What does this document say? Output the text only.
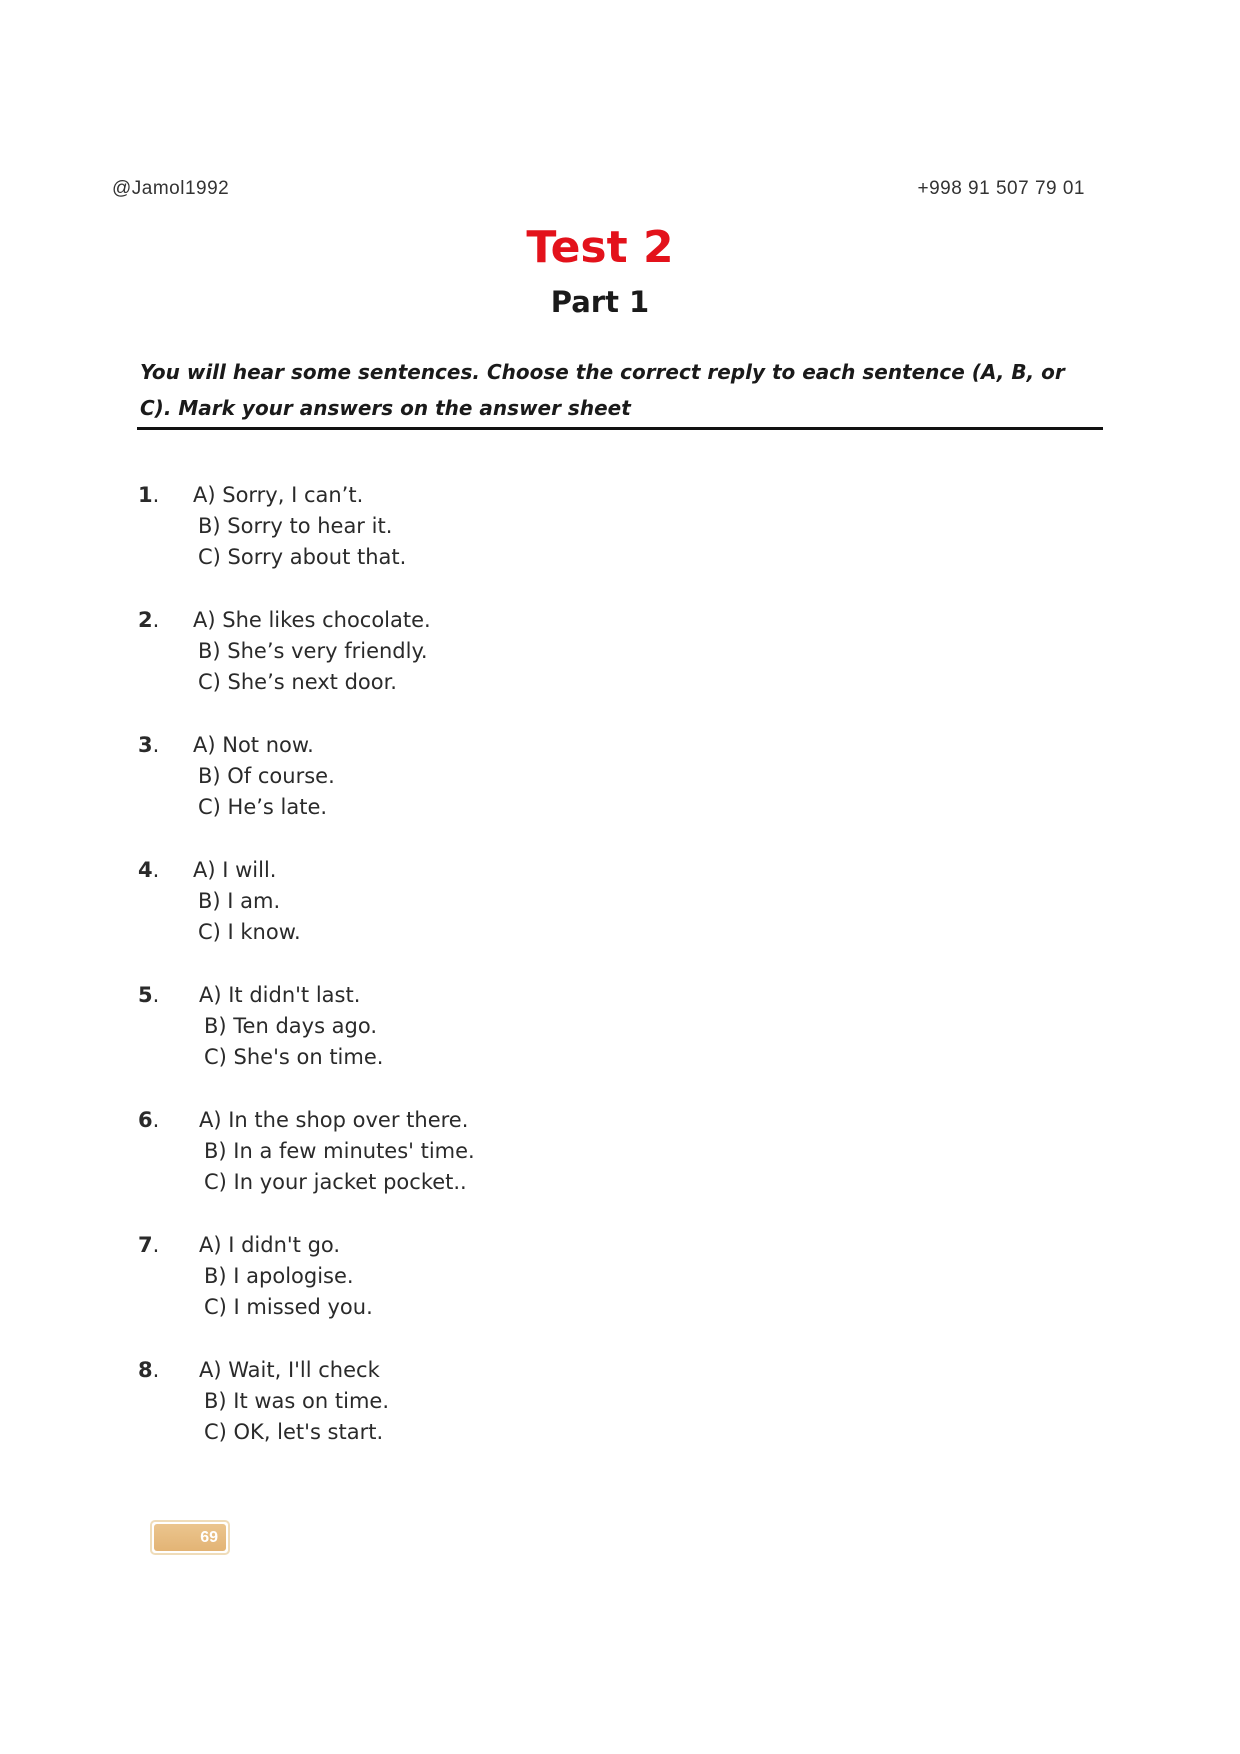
@Jamol1992	+998 91 507 79 01
Test 2
Part 1
You will hear some sentences. Choose the correct reply to each sentence (A, B, or C). Mark your answers on the answer sheet
1. A) Sorry, I can’t.
B) Sorry to hear it.
C) Sorry about that.
2. A) She likes chocolate.
B) She’s very friendly.
C) She’s next door.
3. A) Not now.
B) Of course.
C) He’s late.
4. A) I will.
B) I am.
C) I know.
5. A) It didn't last.
B) Ten days ago.
C) She's on time.
6. A) In the shop over there.
B) In a few minutes' time.
C) In your jacket pocket..
7. A) I didn't go.
B) I apologise.
C) I missed you.
8. A) Wait, I'll check
B) It was on time.
C) OK, let's start.
69
